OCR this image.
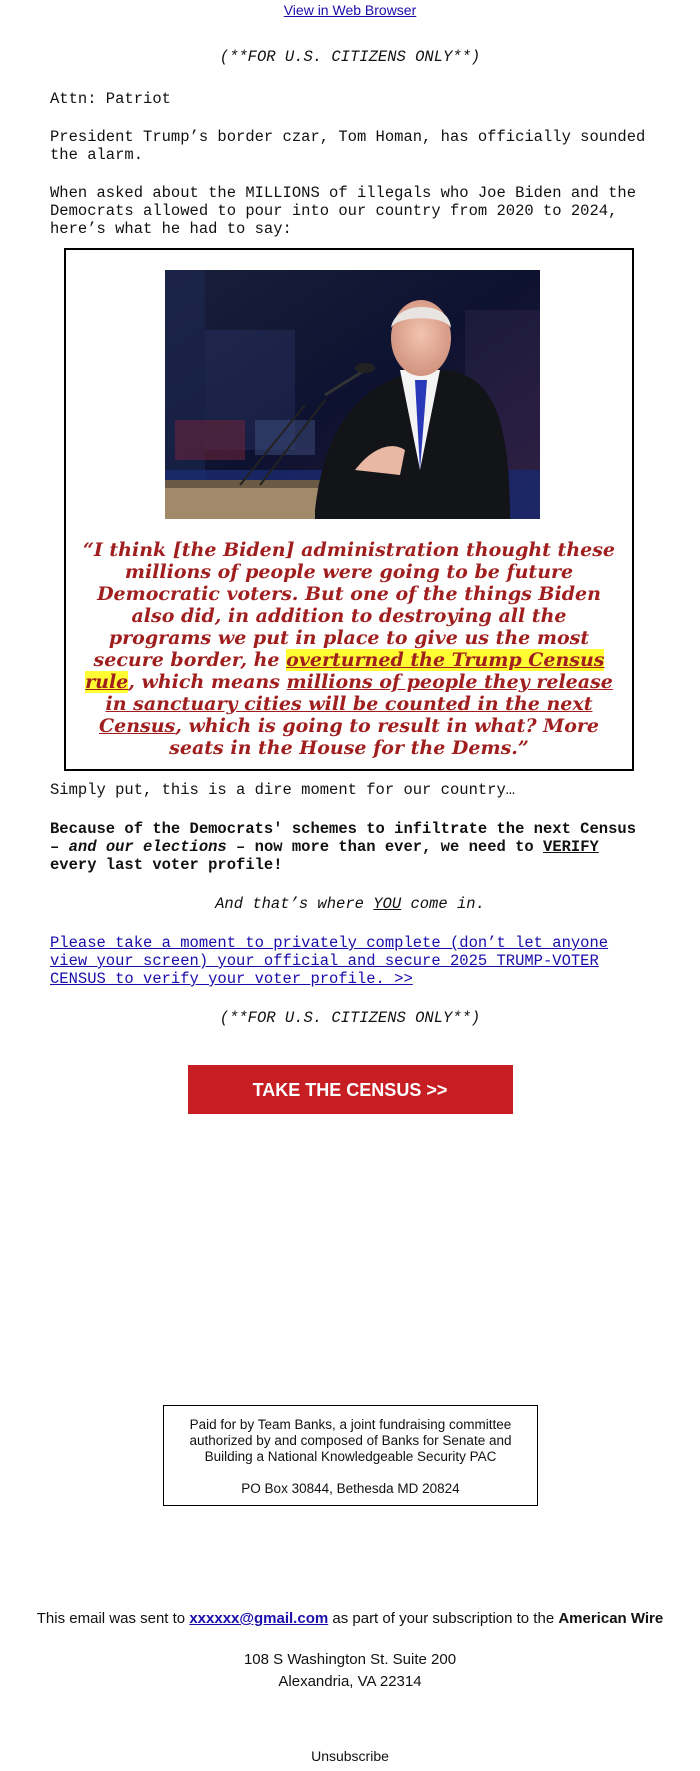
View in Web Browser
(**FOR U.S. CITIZENS ONLY**)
Attn: Patriot
President Trump’s border czar, Tom Homan, has officially sounded the alarm.
When asked about the MILLIONS of illegals who Joe Biden and the Democrats allowed to pour into our country from 2020 to 2024, here’s what he had to say:
“I think [the Biden] administration thought these millions of people were going to be future Democratic voters. But one of the things Biden also did, in addition to destroying all the programs we put in place to give us the most secure border, he overturned the Trump Census rule, which means millions of people they release in sanctuary cities will be counted in the next Census, which is going to result in what? More seats in the House for the Dems.”
Simply put, this is a dire moment for our country…
Because of the Democrats' schemes to infiltrate the next Census – and our elections – now more than ever, we need to VERIFY every last voter profile!
And that’s where YOU come in.
Please take a moment to privately complete (don’t let anyone view your screen) your official and secure 2025 TRUMP-VOTER CENSUS to verify your voter profile. >>
(**FOR U.S. CITIZENS ONLY**)
TAKE THE CENSUS >>
Paid for by Team Banks, a joint fundraising committee authorized by and composed of Banks for Senate and Building a National Knowledgeable Security PAC
PO Box 30844, Bethesda MD 20824
This email was sent to xxxxxx@gmail.com as part of your subscription to the American Wire
108 S Washington St. Suite 200
Alexandria, VA 22314
Unsubscribe
